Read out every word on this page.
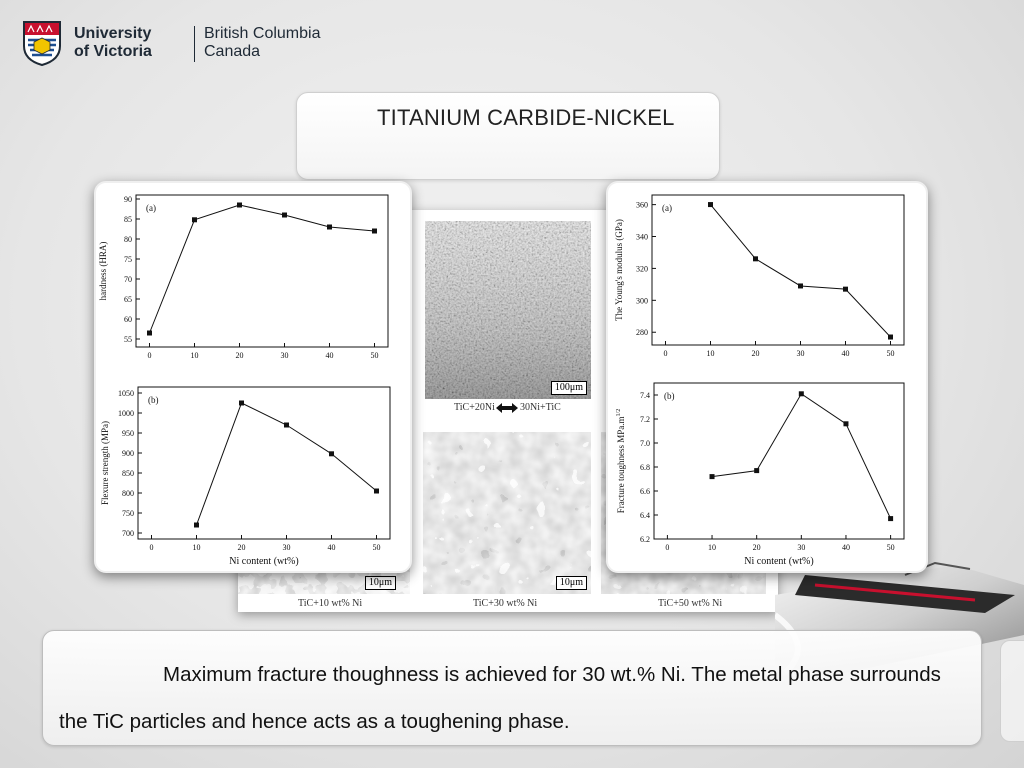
University
of Victoria
British Columbia
Canada
TITANIUM CARBIDE-NICKEL
100μm
TiC+20Ni	30Ni+TiC
10μm	10μm
TiC+10 wt% Ni	TiC+30 wt% Ni	TiC+50 wt% Ni
55
60
65
70
75
80
85
90
0	10	20	30	40	50
(a)
hardness (HRA)
700
750
800
850
900
950
1000
1050
0	10	20	30	40	50
(b)
Flexure strength (MPa)
Ni content (wt%)
280
300
320
340
360
0	10	20	30	40	50
(a)
The Young's modulus (GPa)
6.2
6.4
6.6
6.8
7.0
7.2
7.4
0	10	20	30	40	50
(b)
Fracture toughness $MPa.m^{1/2}$
Ni content (wt%)

Maximum fracture thoughness is achieved for 30 wt.% Ni. The metal phase surrounds the TiC particles and hence acts as a toughening phase.
